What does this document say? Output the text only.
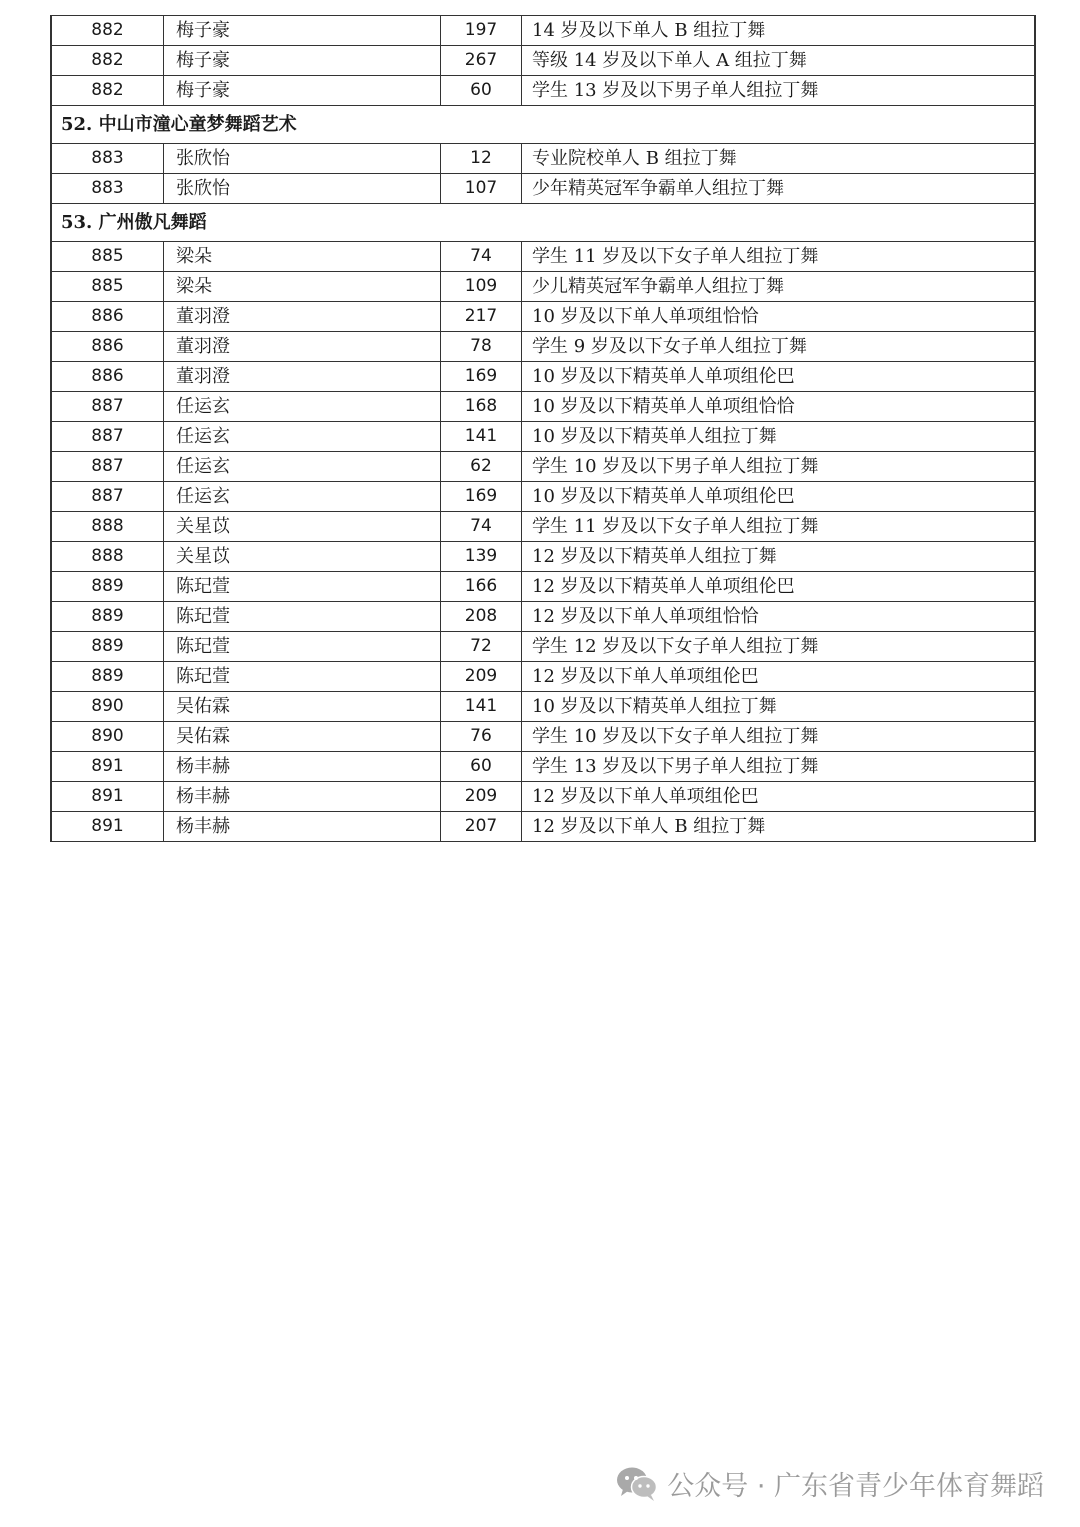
882	梅子豪	197	14 岁及以下单人 B 组拉丁舞
882	梅子豪	267	等级 14 岁及以下单人 A 组拉丁舞
882	梅子豪	60	学生 13 岁及以下男子单人组拉丁舞
52. 中山市潼心童梦舞蹈艺术			
883	张欣怡	12	专业院校单人 B 组拉丁舞
883	张欣怡	107	少年精英冠军争霸单人组拉丁舞
53. 广州傲凡舞蹈			
885	梁朵	74	学生 11 岁及以下女子单人组拉丁舞
885	梁朵	109	少儿精英冠军争霸单人组拉丁舞
886	董羽澄	217	10 岁及以下单人单项组恰恰
886	董羽澄	78	学生 9 岁及以下女子单人组拉丁舞
886	董羽澄	169	10 岁及以下精英单人单项组伦巴
887	任运玄	168	10 岁及以下精英单人单项组恰恰
887	任运玄	141	10 岁及以下精英单人组拉丁舞
887	任运玄	62	学生 10 岁及以下男子单人组拉丁舞
887	任运玄	169	10 岁及以下精英单人单项组伦巴
888	关星苡	74	学生 11 岁及以下女子单人组拉丁舞
888	关星苡	139	12 岁及以下精英单人组拉丁舞
889	陈玘萱	166	12 岁及以下精英单人单项组伦巴
889	陈玘萱	208	12 岁及以下单人单项组恰恰
889	陈玘萱	72	学生 12 岁及以下女子单人组拉丁舞
889	陈玘萱	209	12 岁及以下单人单项组伦巴
890	吴佑霖	141	10 岁及以下精英单人组拉丁舞
890	吴佑霖	76	学生 10 岁及以下女子单人组拉丁舞
891	杨丰赫	60	学生 13 岁及以下男子单人组拉丁舞
891	杨丰赫	209	12 岁及以下单人单项组伦巴
891	杨丰赫	207	12 岁及以下单人 B 组拉丁舞
公众号 · 广东省青少年体育舞蹈
